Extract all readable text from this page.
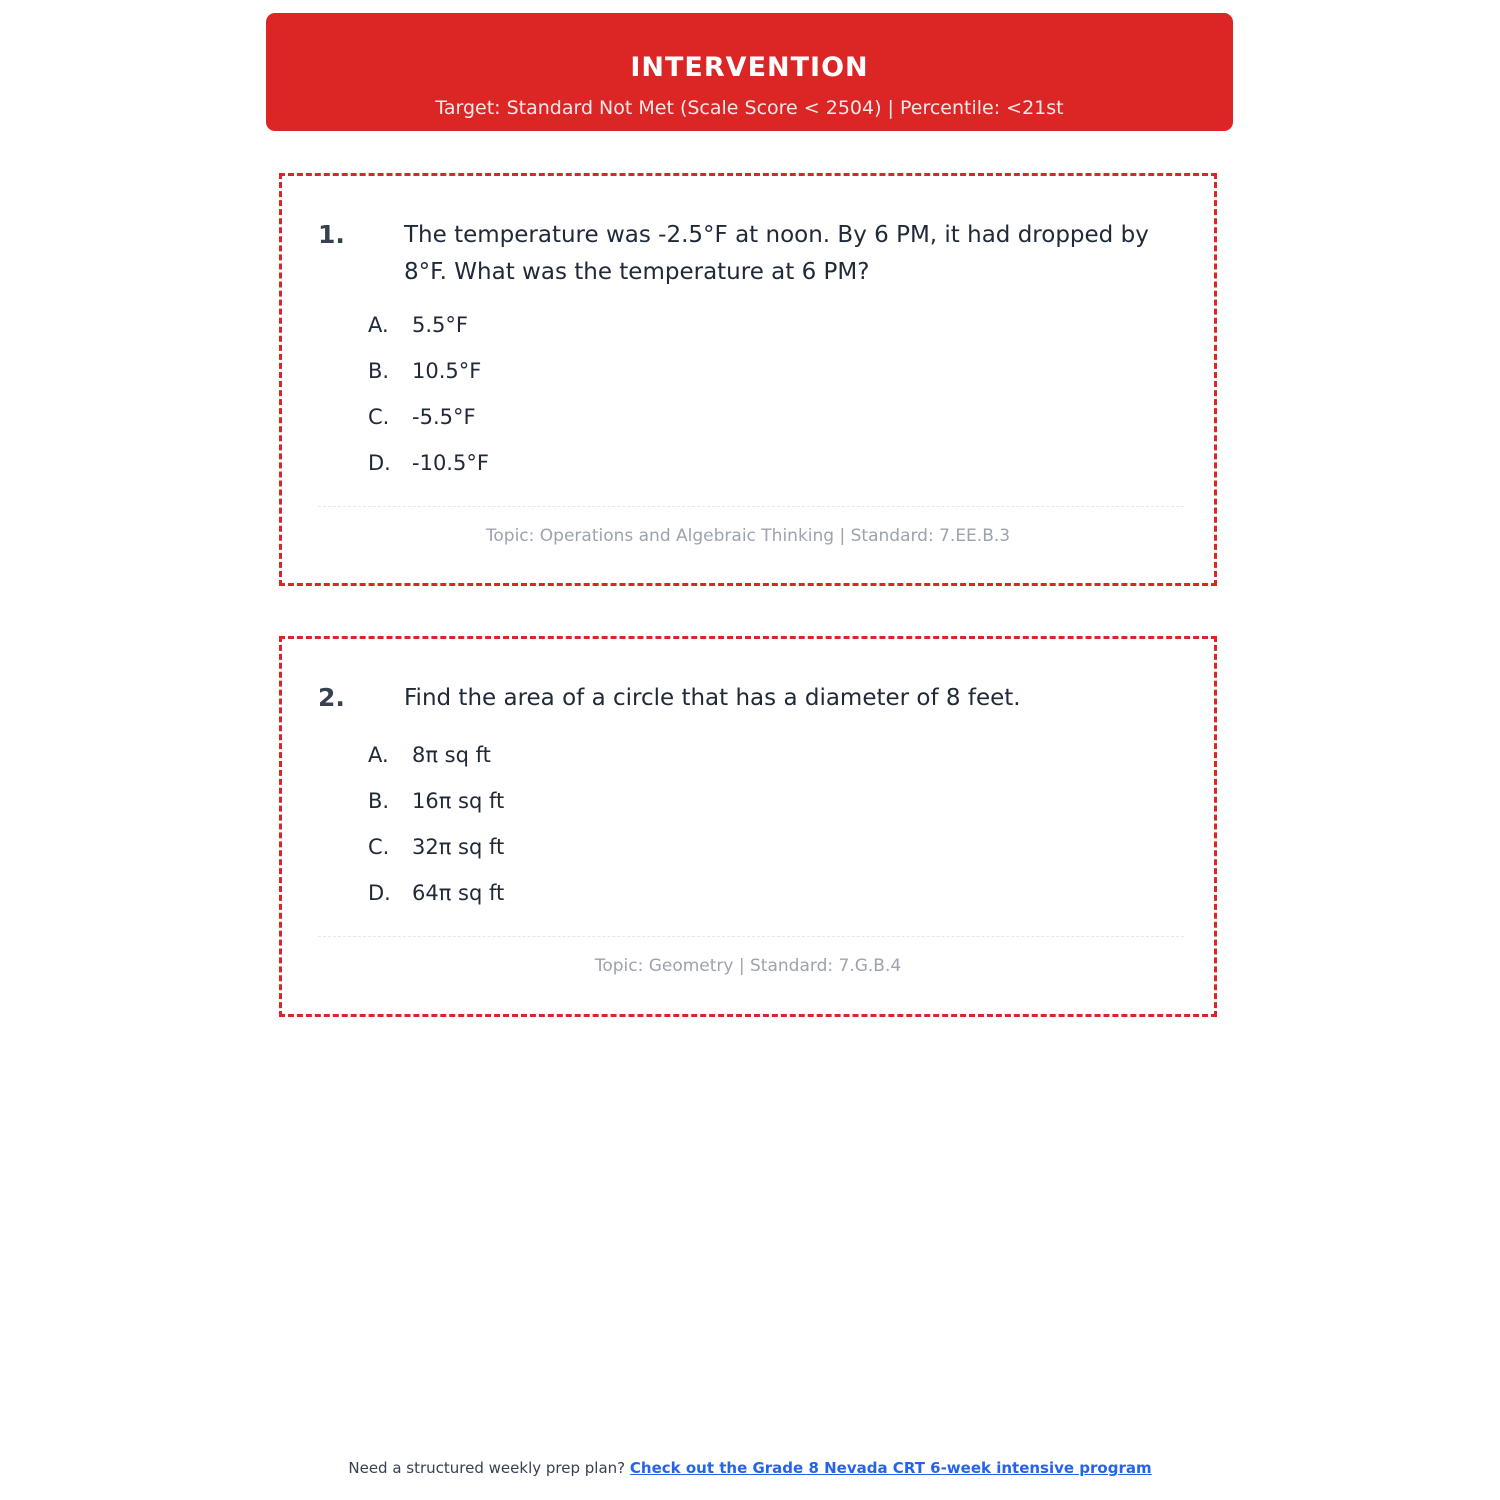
INTERVENTION
Target: Standard Not Met (Scale Score < 2504) | Percentile: <21st
1.	The temperature was -2.5°F at noon. By 6 PM, it had dropped by 8°F. What was the temperature at 6 PM?
A. 5.5°F
B. 10.5°F
C. -5.5°F
D. -10.5°F
Topic: Operations and Algebraic Thinking | Standard: 7.EE.B.3
2.	Find the area of a circle that has a diameter of 8 feet.
A. 8π sq ft
B. 16π sq ft
C. 32π sq ft
D. 64π sq ft
Topic: Geometry | Standard: 7.G.B.4
Need a structured weekly prep plan? Check out the Grade 8 Nevada CRT 6-week intensive program
